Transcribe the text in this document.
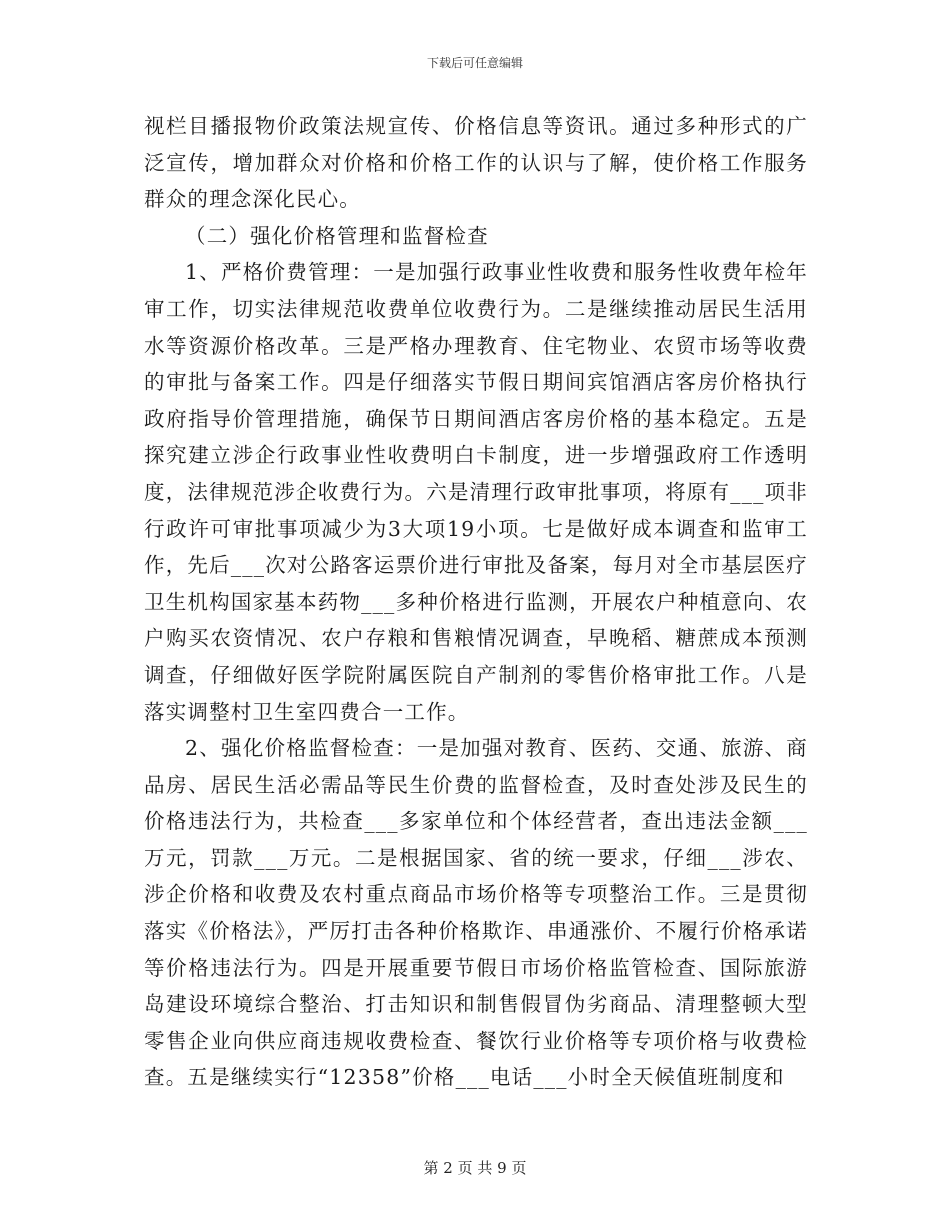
下载后可任意编辑

视栏目播报物价政策法规宣传、价格信息等资讯。通过多种形式的广泛宣传，增加群众对价格和价格工作的认识与了解，使价格工作服务群众的理念深化民心。

（二）强化价格管理和监督检查

1、严格价费管理：一是加强行政事业性收费和服务性收费年检年审工作，切实法律规范收费单位收费行为。二是继续推动居民生活用水等资源价格改革。三是严格办理教育、住宅物业、农贸市场等收费的审批与备案工作。四是仔细落实节假日期间宾馆酒店客房价格执行政府指导价管理措施，确保节日期间酒店客房价格的基本稳定。五是探究建立涉企行政事业性收费明白卡制度，进一步增强政府工作透明度，法律规范涉企收费行为。六是清理行政审批事项，将原有___项非行政许可审批事项减少为3大项19小项。七是做好成本调查和监审工作，先后___次对公路客运票价进行审批及备案，每月对全市基层医疗卫生机构国家基本药物___多种价格进行监测，开展农户种植意向、农户购买农资情况、农户存粮和售粮情况调查，早晚稻、糖蔗成本预测调查，仔细做好医学院附属医院自产制剂的零售价格审批工作。八是落实调整村卫生室四费合一工作。

2、强化价格监督检查：一是加强对教育、医药、交通、旅游、商品房、居民生活必需品等民生价费的监督检查，及时查处涉及民生的价格违法行为，共检查___多家单位和个体经营者，查出违法金额___万元，罚款___万元。二是根据国家、省的统一要求，仔细___涉农、涉企价格和收费及农村重点商品市场价格等专项整治工作。三是贯彻落实《价格法》，严厉打击各种价格欺诈、串通涨价、不履行价格承诺等价格违法行为。四是开展重要节假日市场价格监管检查、国际旅游岛建设环境综合整治、打击知识和制售假冒伪劣商品、清理整顿大型零售企业向供应商违规收费检查、餐饮行业价格等专项价格与收费检查。五是继续实行“12358”价格___电话___小时全天候值班制度和

第 2 页 共 9 页
